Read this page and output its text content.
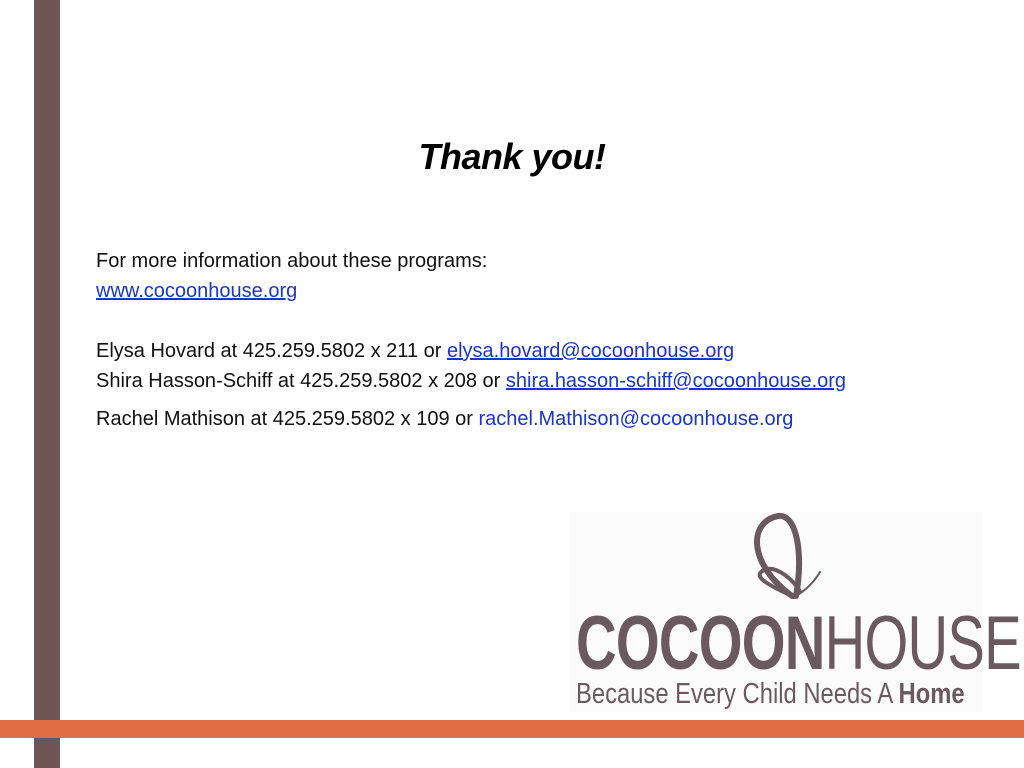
Thank you!
For more information about these programs:
www.cocoonhouse.org
Elysa Hovard at 425.259.5802 x 211 or elysa.hovard@cocoonhouse.org
Shira Hasson-Schiff at 425.259.5802 x 208 or shira.hasson-schiff@cocoonhouse.org
Rachel Mathison at 425.259.5802 x 109 or rachel.Mathison@cocoonhouse.org
COCOONHOUSE
Because Every Child Needs A Home
